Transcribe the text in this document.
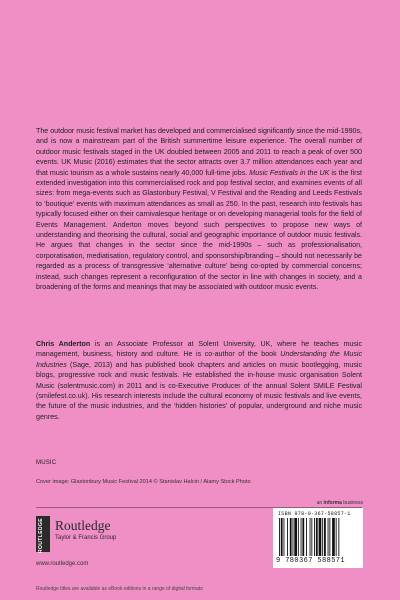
The outdoor music festival market has developed and commercialised significantly since the mid-1990s, and is now a mainstream part of the British summertime leisure experience. The overall number of outdoor music festivals staged in the UK doubled between 2005 and 2011 to reach a peak of over 500 events. UK Music (2016) estimates that the sector attracts over 3.7 million attendances each year and that music tourism as a whole sustains nearly 40,000 full-time jobs. Music Festivals in the UK is the first extended investigation into this commercialised rock and pop festival sector, and examines events of all sizes: from mega-events such as Glastonbury Festival, V Festival and the Reading and Leeds Festivals to ‘boutique’ events with maximum attendances as small as 250. In the past, research into festivals has typically focused either on their carnivalesque heritage or on developing managerial tools for the field of Events Management. Anderton moves beyond such perspectives to propose new ways of understanding and theorising the cultural, social and geographic importance of outdoor music festivals. He argues that changes in the sector since the mid-1990s – such as professionalisation, corporatisation, mediatisation, regulatory control, and sponsorship/branding – should not necessarily be regarded as a process of transgressive ‘alternative culture’ being co-opted by commercial concerns; instead, such changes represent a reconfiguration of the sector in line with changes in society, and a broadening of the forms and meanings that may be associated with outdoor music events.

Chris Anderton is an Associate Professor at Solent University, UK, where he teaches music management, business, history and culture. He is co-author of the book Understanding the Music Industries (Sage, 2013) and has published book chapters and articles on music bootlegging, music blogs, progressive rock and music festivals. He established the in-house music organisation Solent Music (solentmusic.com) in 2011 and is co-Executive Producer of the annual Solent SMILE Festival (smilefest.co.uk). His research interests include the cultural economy of music festivals and live events, the future of the music industries, and the ‘hidden histories’ of popular, underground and niche music genres.

MUSIC
Cover image: Glastonbury Music Festival 2014 © Stanislav Halcin / Alamy Stock Photo
ROUTLEDGE Routledge
Taylor & Francis Group
www.routledge.com
Routledge titles are available as eBook editions in a range of digital formats
an informa business
ISBN 978-0-367-58857-1
9 780367 588571
